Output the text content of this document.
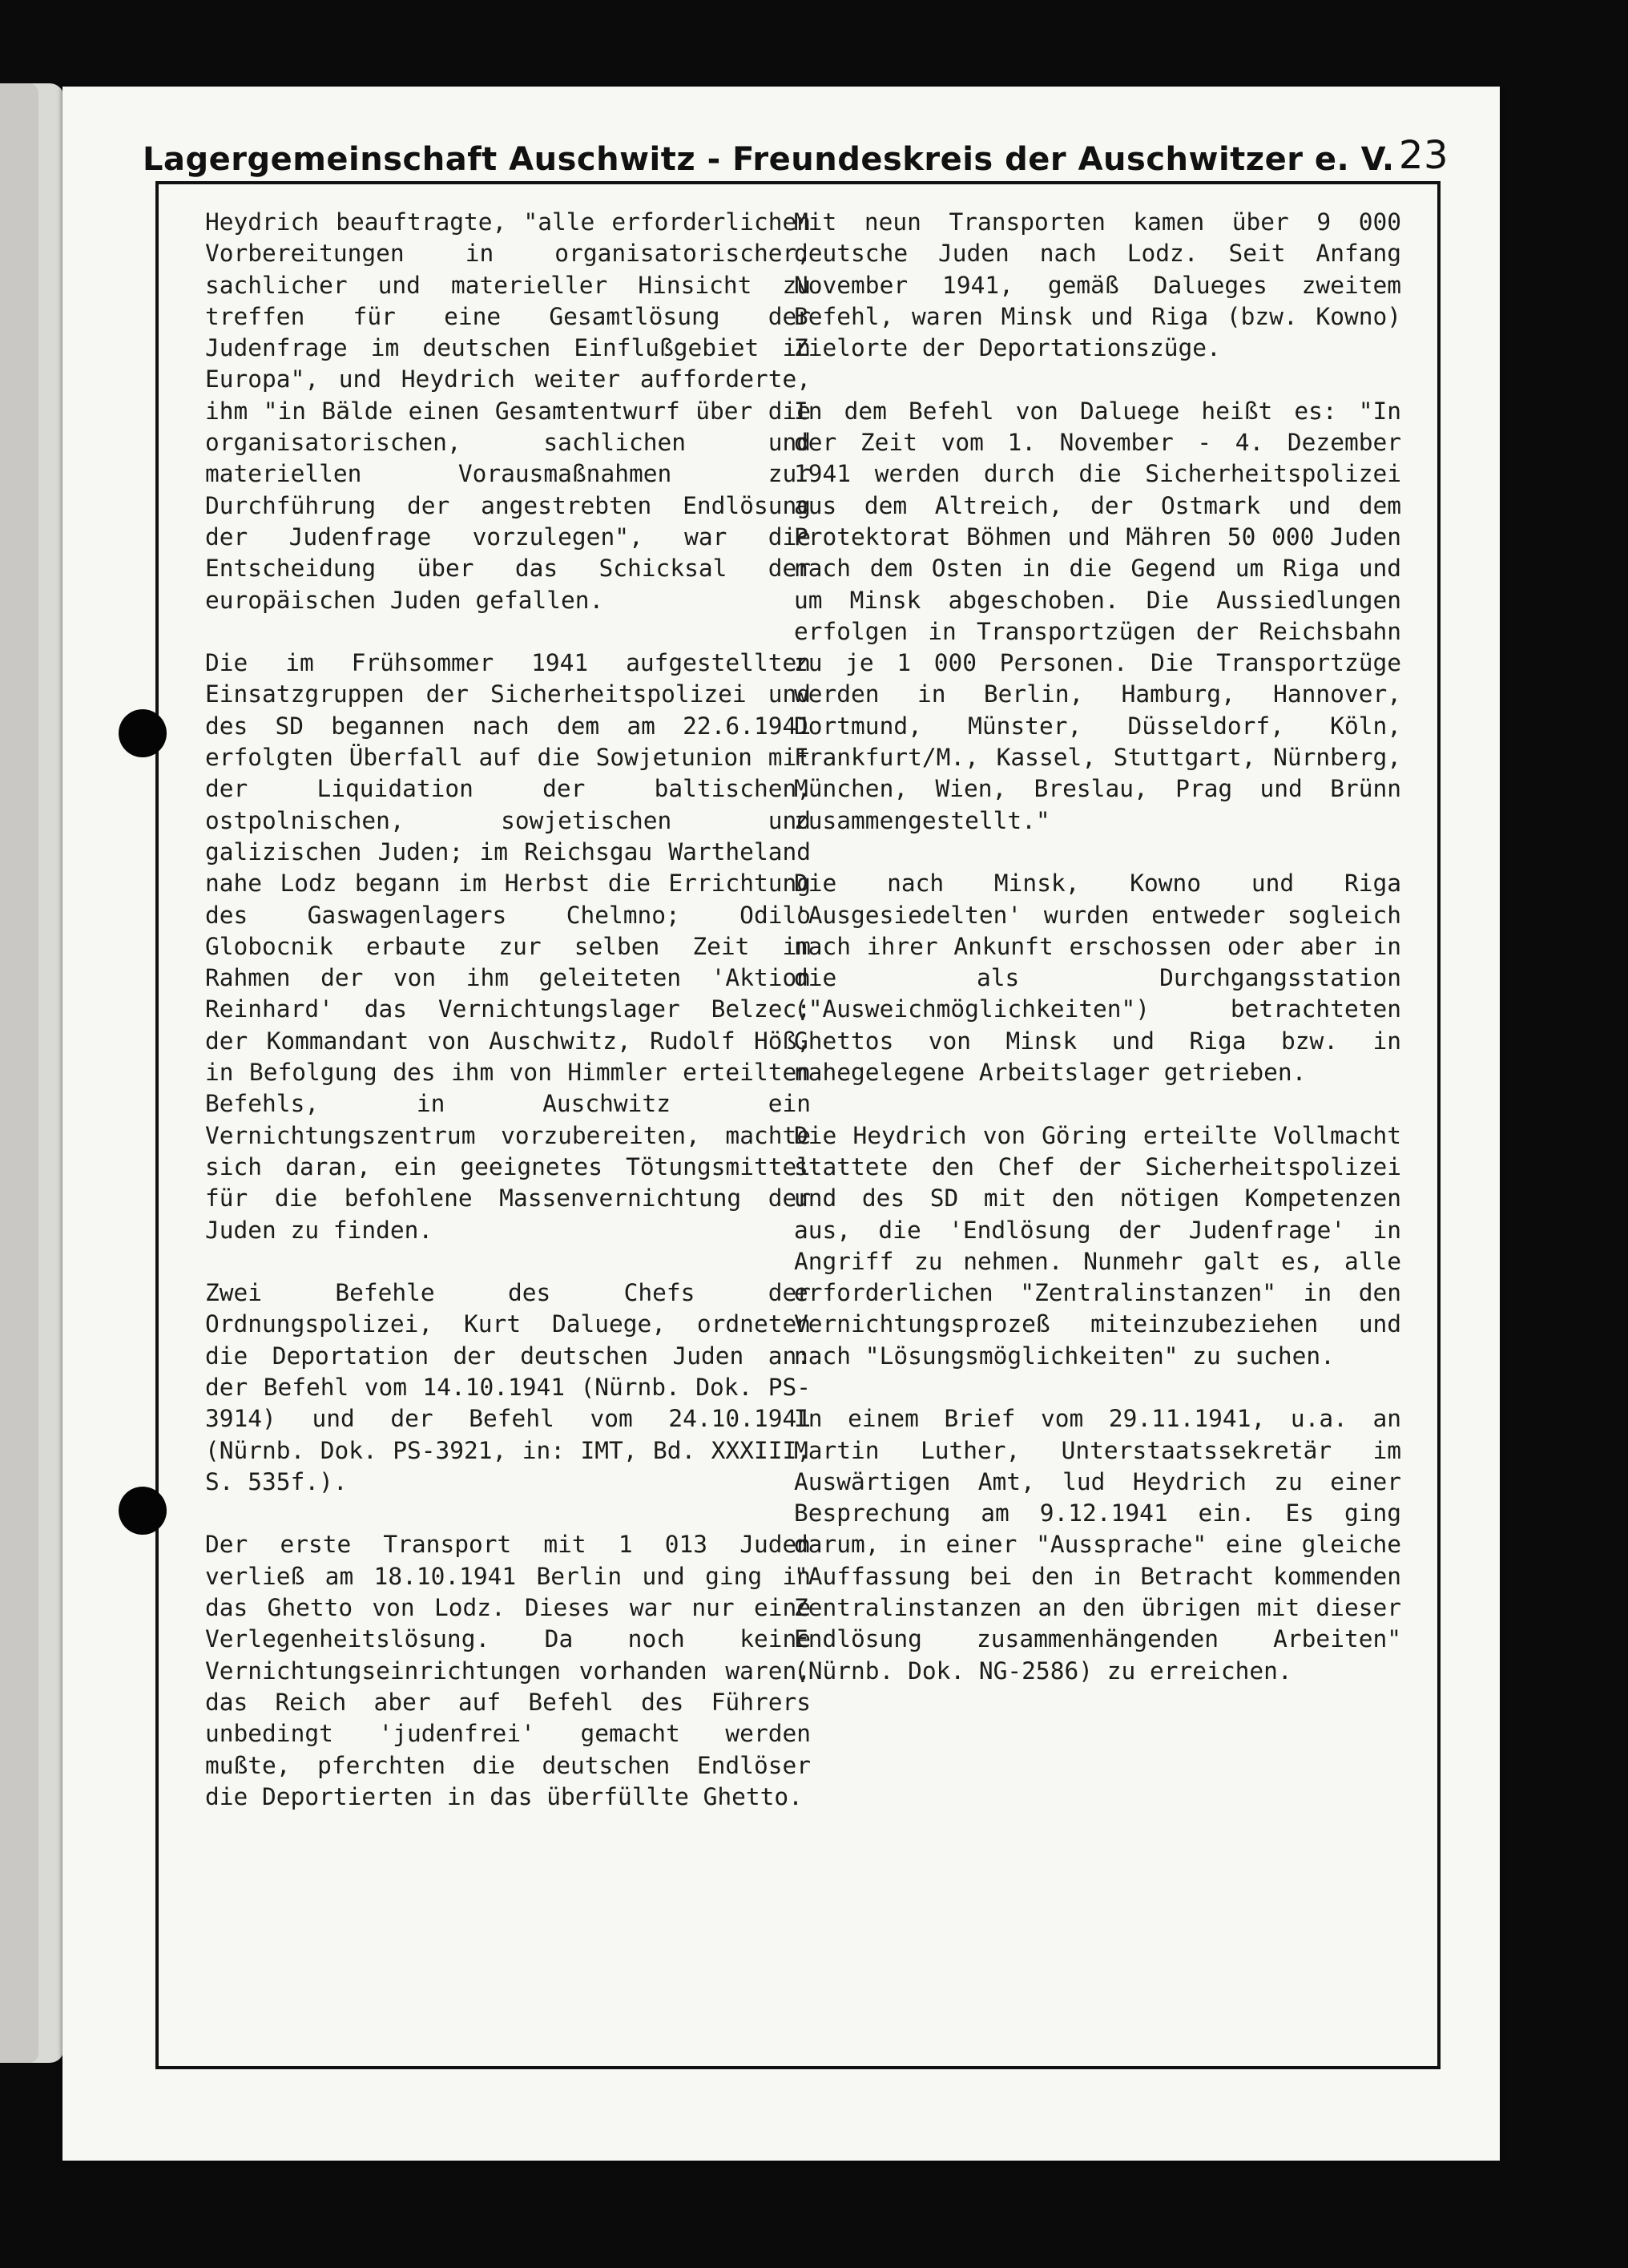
Lagergemeinschaft Auschwitz - Freundeskreis der Auschwitzer e. V. 23

Heydrich beauftragte, "alle erforderlichen Vorbereitungen in organisatorischer, sachlicher und materieller Hinsicht zu treffen für eine Gesamtlösung der Judenfrage im deutschen Einflußgebiet in Europa", und Heydrich weiter aufforderte, ihm "in Bälde einen Gesamtentwurf über die organisatorischen, sachlichen und materiellen Vorausmaßnahmen zur Durchführung der angestrebten Endlösung der Judenfrage vorzulegen", war die Entscheidung über das Schicksal der europäischen Juden gefallen.

Die im Frühsommer 1941 aufgestellten Einsatzgruppen der Sicherheitspolizei und des SD begannen nach dem am 22.6.1941 erfolgten Überfall auf die Sowjetunion mit der Liquidation der baltischen, ostpolnischen, sowjetischen und galizischen Juden; im Reichsgau Wartheland nahe Lodz begann im Herbst die Errichtung des Gaswagenlagers Chelmno; Odilo Globocnik erbaute zur selben Zeit im Rahmen der von ihm geleiteten 'Aktion Reinhard' das Vernichtungslager Belzec; der Kommandant von Auschwitz, Rudolf Höß, in Befolgung des ihm von Himmler erteilten Befehls, in Auschwitz ein Vernichtungszentrum vorzubereiten, machte sich daran, ein geeignetes Tötungsmittel für die befohlene Massenvernichtung der Juden zu finden.

Zwei Befehle des Chefs der Ordnungspolizei, Kurt Daluege, ordneten die Deportation der deutschen Juden an: der Befehl vom 14.10.1941 (Nürnb. Dok. PS-3914) und der Befehl vom 24.10.1941 (Nürnb. Dok. PS-3921, in: IMT, Bd. XXXIII, S. 535f.).

Der erste Transport mit 1 013 Juden verließ am 18.10.1941 Berlin und ging in das Ghetto von Lodz. Dieses war nur eine Verlegenheitslösung. Da noch keine Vernichtungseinrichtungen vorhanden waren, das Reich aber auf Befehl des Führers unbedingt 'judenfrei' gemacht werden mußte, pferchten die deutschen Endlöser die Deportierten in das überfüllte Ghetto.

Mit neun Transporten kamen über 9 000 deutsche Juden nach Lodz. Seit Anfang November 1941, gemäß Dalueges zweitem Befehl, waren Minsk und Riga (bzw. Kowno) Zielorte der Deportationszüge.

In dem Befehl von Daluege heißt es: "In der Zeit vom 1. November - 4. Dezember 1941 werden durch die Sicherheitspolizei aus dem Altreich, der Ostmark und dem Protektorat Böhmen und Mähren 50 000 Juden nach dem Osten in die Gegend um Riga und um Minsk abgeschoben. Die Aussiedlungen erfolgen in Transportzügen der Reichsbahn zu je 1 000 Personen. Die Transportzüge werden in Berlin, Hamburg, Hannover, Dortmund, Münster, Düsseldorf, Köln, Frankfurt/M., Kassel, Stuttgart, Nürnberg, München, Wien, Breslau, Prag und Brünn zusammengestellt."

Die nach Minsk, Kowno und Riga 'Ausgesiedelten' wurden entweder sogleich nach ihrer Ankunft erschossen oder aber in die als Durchgangsstation ("Ausweichmöglichkeiten") betrachteten Ghettos von Minsk und Riga bzw. in nahegelegene Arbeitslager getrieben.

Die Heydrich von Göring erteilte Vollmacht stattete den Chef der Sicherheitspolizei und des SD mit den nötigen Kompetenzen aus, die 'Endlösung der Judenfrage' in Angriff zu nehmen. Nunmehr galt es, alle erforderlichen "Zentralinstanzen" in den Vernichtungsprozeß miteinzubeziehen und nach "Lösungsmöglichkeiten" zu suchen.

In einem Brief vom 29.11.1941, u.a. an Martin Luther, Unterstaatssekretär im Auswärtigen Amt, lud Heydrich zu einer Besprechung am 9.12.1941 ein. Es ging darum, in einer "Aussprache" eine gleiche "Auffassung bei den in Betracht kommenden Zentralinstanzen an den übrigen mit dieser Endlösung zusammenhängenden Arbeiten" (Nürnb. Dok. NG-2586) zu erreichen.
